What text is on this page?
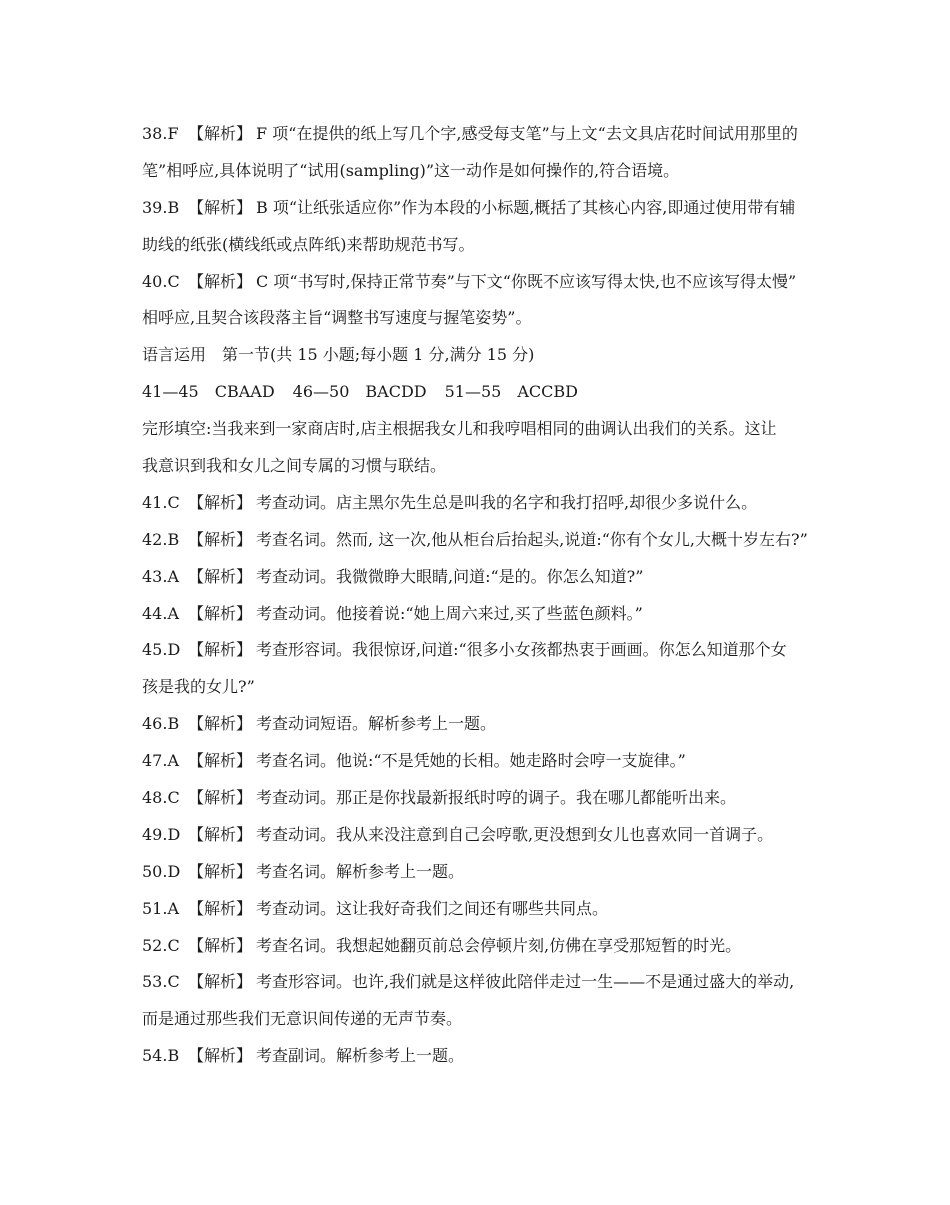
38.F 【解析】 F 项“在提供的纸上写几个字,感受每支笔”与上文“去文具店花时间试用那里的
笔”相呼应,具体说明了“试用(sampling)”这一动作是如何操作的,符合语境。
39.B 【解析】 B 项“让纸张适应你”作为本段的小标题,概括了其核心内容,即通过使用带有辅
助线的纸张(横线纸或点阵纸)来帮助规范书写。
40.C 【解析】 C 项“书写时,保持正常节奏”与下文“你既不应该写得太快,也不应该写得太慢”
相呼应,且契合该段落主旨“调整书写速度与握笔姿势”。
语言运用　第一节(共 15 小题;每小题 1 分,满分 15 分)
41—45　CBAAD 46—50　BACDD 51—55　ACCBD
完形填空:当我来到一家商店时,店主根据我女儿和我哼唱相同的曲调认出我们的关系。这让
我意识到我和女儿之间专属的习惯与联结。
41.C 【解析】 考查动词。店主黑尔先生总是叫我的名字和我打招呼,却很少多说什么。
42.B 【解析】 考查名词。然而, 这一次,他从柜台后抬起头,说道:“你有个女儿,大概十岁左右?”
43.A 【解析】 考查动词。我微微睁大眼睛,问道:“是的。你怎么知道?”
44.A 【解析】 考查动词。他接着说:“她上周六来过,买了些蓝色颜料。”
45.D 【解析】 考查形容词。我很惊讶,问道:“很多小女孩都热衷于画画。你怎么知道那个女
孩是我的女儿?”
46.B 【解析】 考查动词短语。解析参考上一题。
47.A 【解析】 考查名词。他说:“不是凭她的长相。她走路时会哼一支旋律。”
48.C 【解析】 考查动词。那正是你找最新报纸时哼的调子。我在哪儿都能听出来。
49.D 【解析】 考查动词。我从来没注意到自己会哼歌,更没想到女儿也喜欢同一首调子。
50.D 【解析】 考查名词。解析参考上一题。
51.A 【解析】 考查动词。这让我好奇我们之间还有哪些共同点。
52.C 【解析】 考查名词。我想起她翻页前总会停顿片刻,仿佛在享受那短暂的时光。
53.C 【解析】 考查形容词。也许,我们就是这样彼此陪伴走过一生——不是通过盛大的举动,
而是通过那些我们无意识间传递的无声节奏。
54.B 【解析】 考查副词。解析参考上一题。
